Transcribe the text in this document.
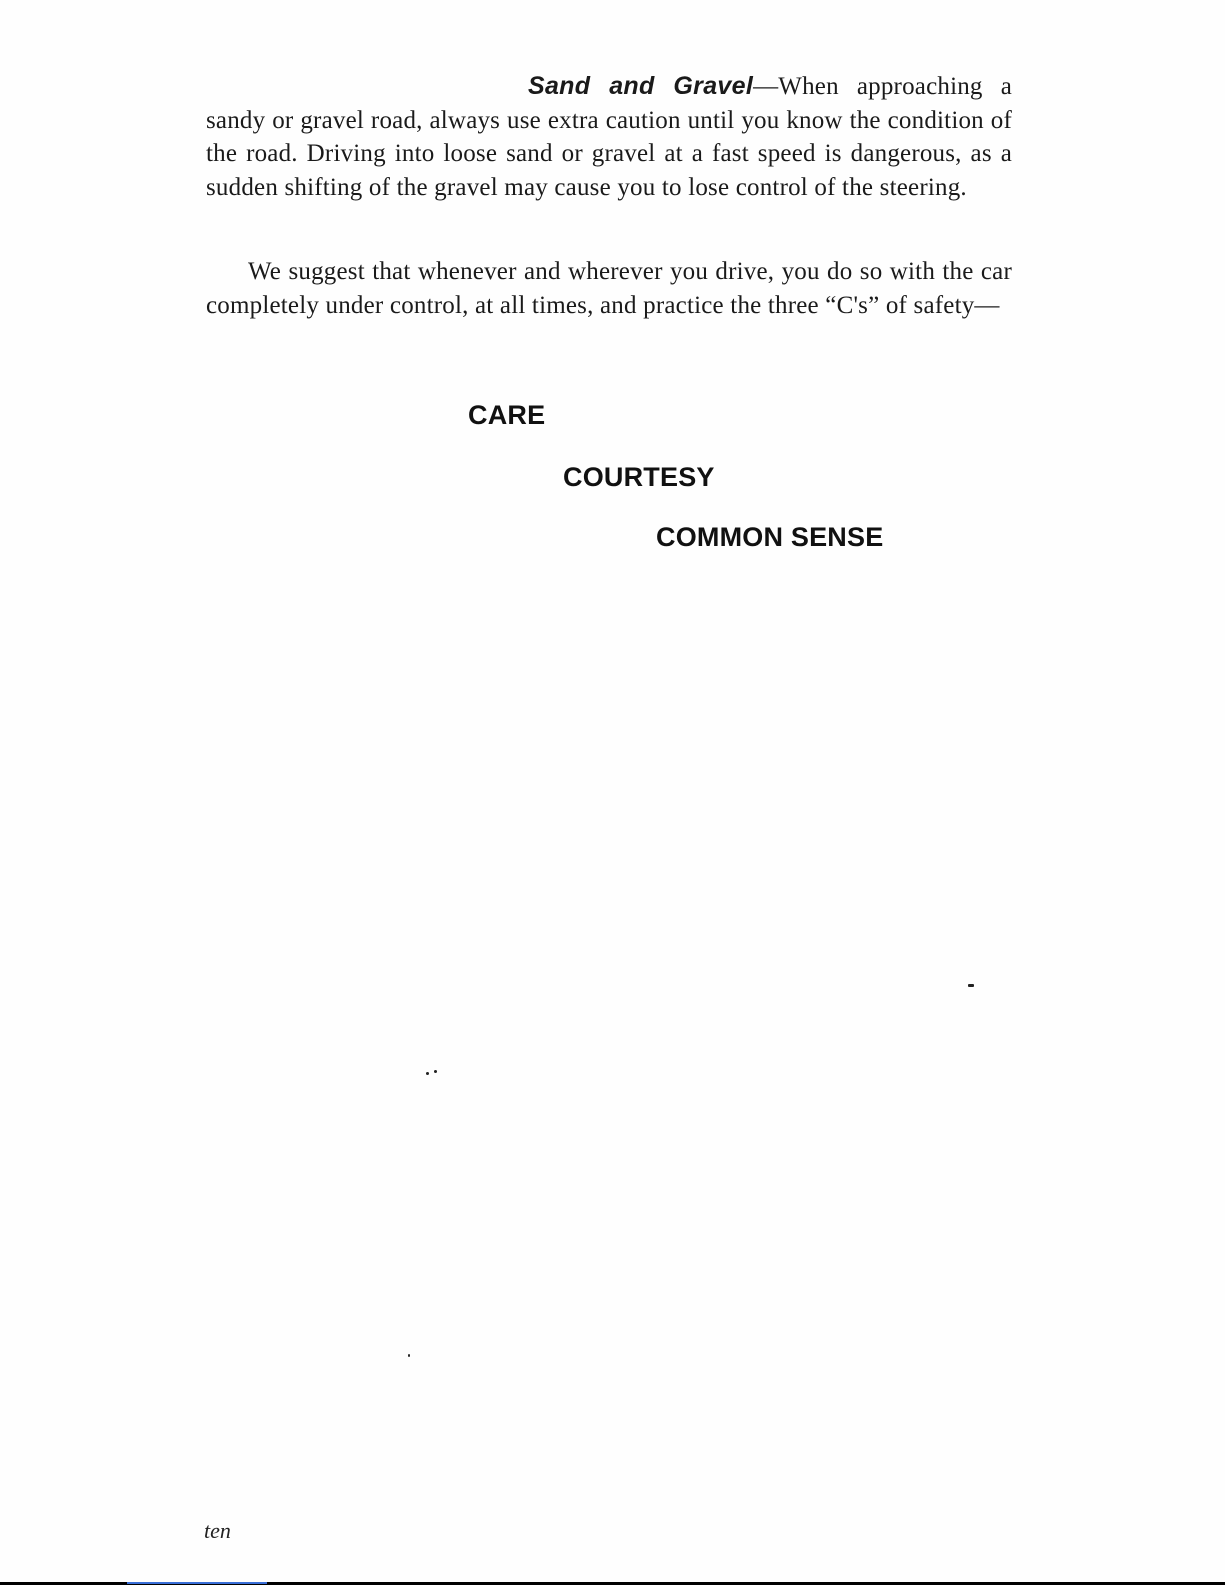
Sand and Gravel—When approaching a sandy or gravel road, always use extra caution until you know the condition of the road. Driving into loose sand or gravel at a fast speed is dangerous, as a sudden shifting of the gravel may cause you to lose control of the steering.

We suggest that whenever and wherever you drive, you do so with the car completely under control, at all times, and practice the three “C's” of safety—

CARE
COURTESY
COMMON SENSE
ten
